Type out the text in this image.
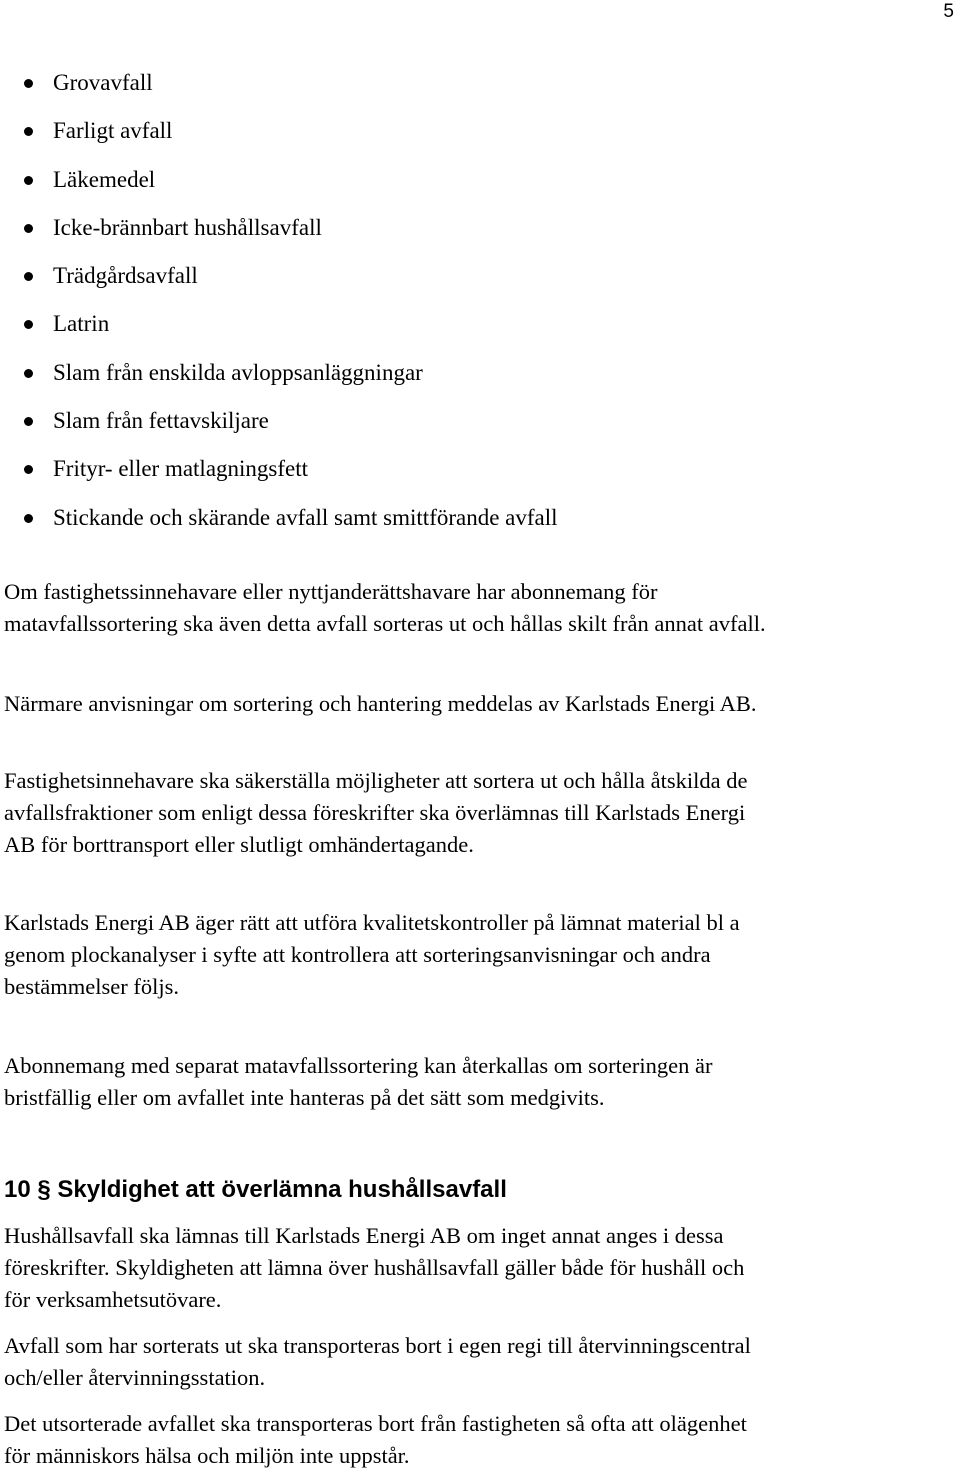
5
Grovavfall
Farligt avfall
Läkemedel
Icke-brännbart hushållsavfall
Trädgårdsavfall
Latrin
Slam från enskilda avloppsanläggningar
Slam från fettavskiljare
Frityr- eller matlagningsfett
Stickande och skärande avfall samt smittförande avfall

Om fastighetssinnehavare eller nyttjanderättshavare har abonnemang för
matavfallssortering ska även detta avfall sorteras ut och hållas skilt från annat avfall.

Närmare anvisningar om sortering och hantering meddelas av Karlstads Energi AB.

Fastighetsinnehavare ska säkerställa möjligheter att sortera ut och hålla åtskilda de
avfallsfraktioner som enligt dessa föreskrifter ska överlämnas till Karlstads Energi
AB för borttransport eller slutligt omhändertagande.

Karlstads Energi AB äger rätt att utföra kvalitetskontroller på lämnat material bl a
genom plockanalyser i syfte att kontrollera att sorteringsanvisningar och andra
bestämmelser följs.

Abonnemang med separat matavfallssortering kan återkallas om sorteringen är
bristfällig eller om avfallet inte hanteras på det sätt som medgivits.

10 § Skyldighet att överlämna hushållsavfall

Hushållsavfall ska lämnas till Karlstads Energi AB om inget annat anges i dessa
föreskrifter. Skyldigheten att lämna över hushållsavfall gäller både för hushåll och
för verksamhetsutövare.

Avfall som har sorterats ut ska transporteras bort i egen regi till återvinningscentral
och/eller återvinningsstation.

Det utsorterade avfallet ska transporteras bort från fastigheten så ofta att olägenhet
för människors hälsa och miljön inte uppstår.
